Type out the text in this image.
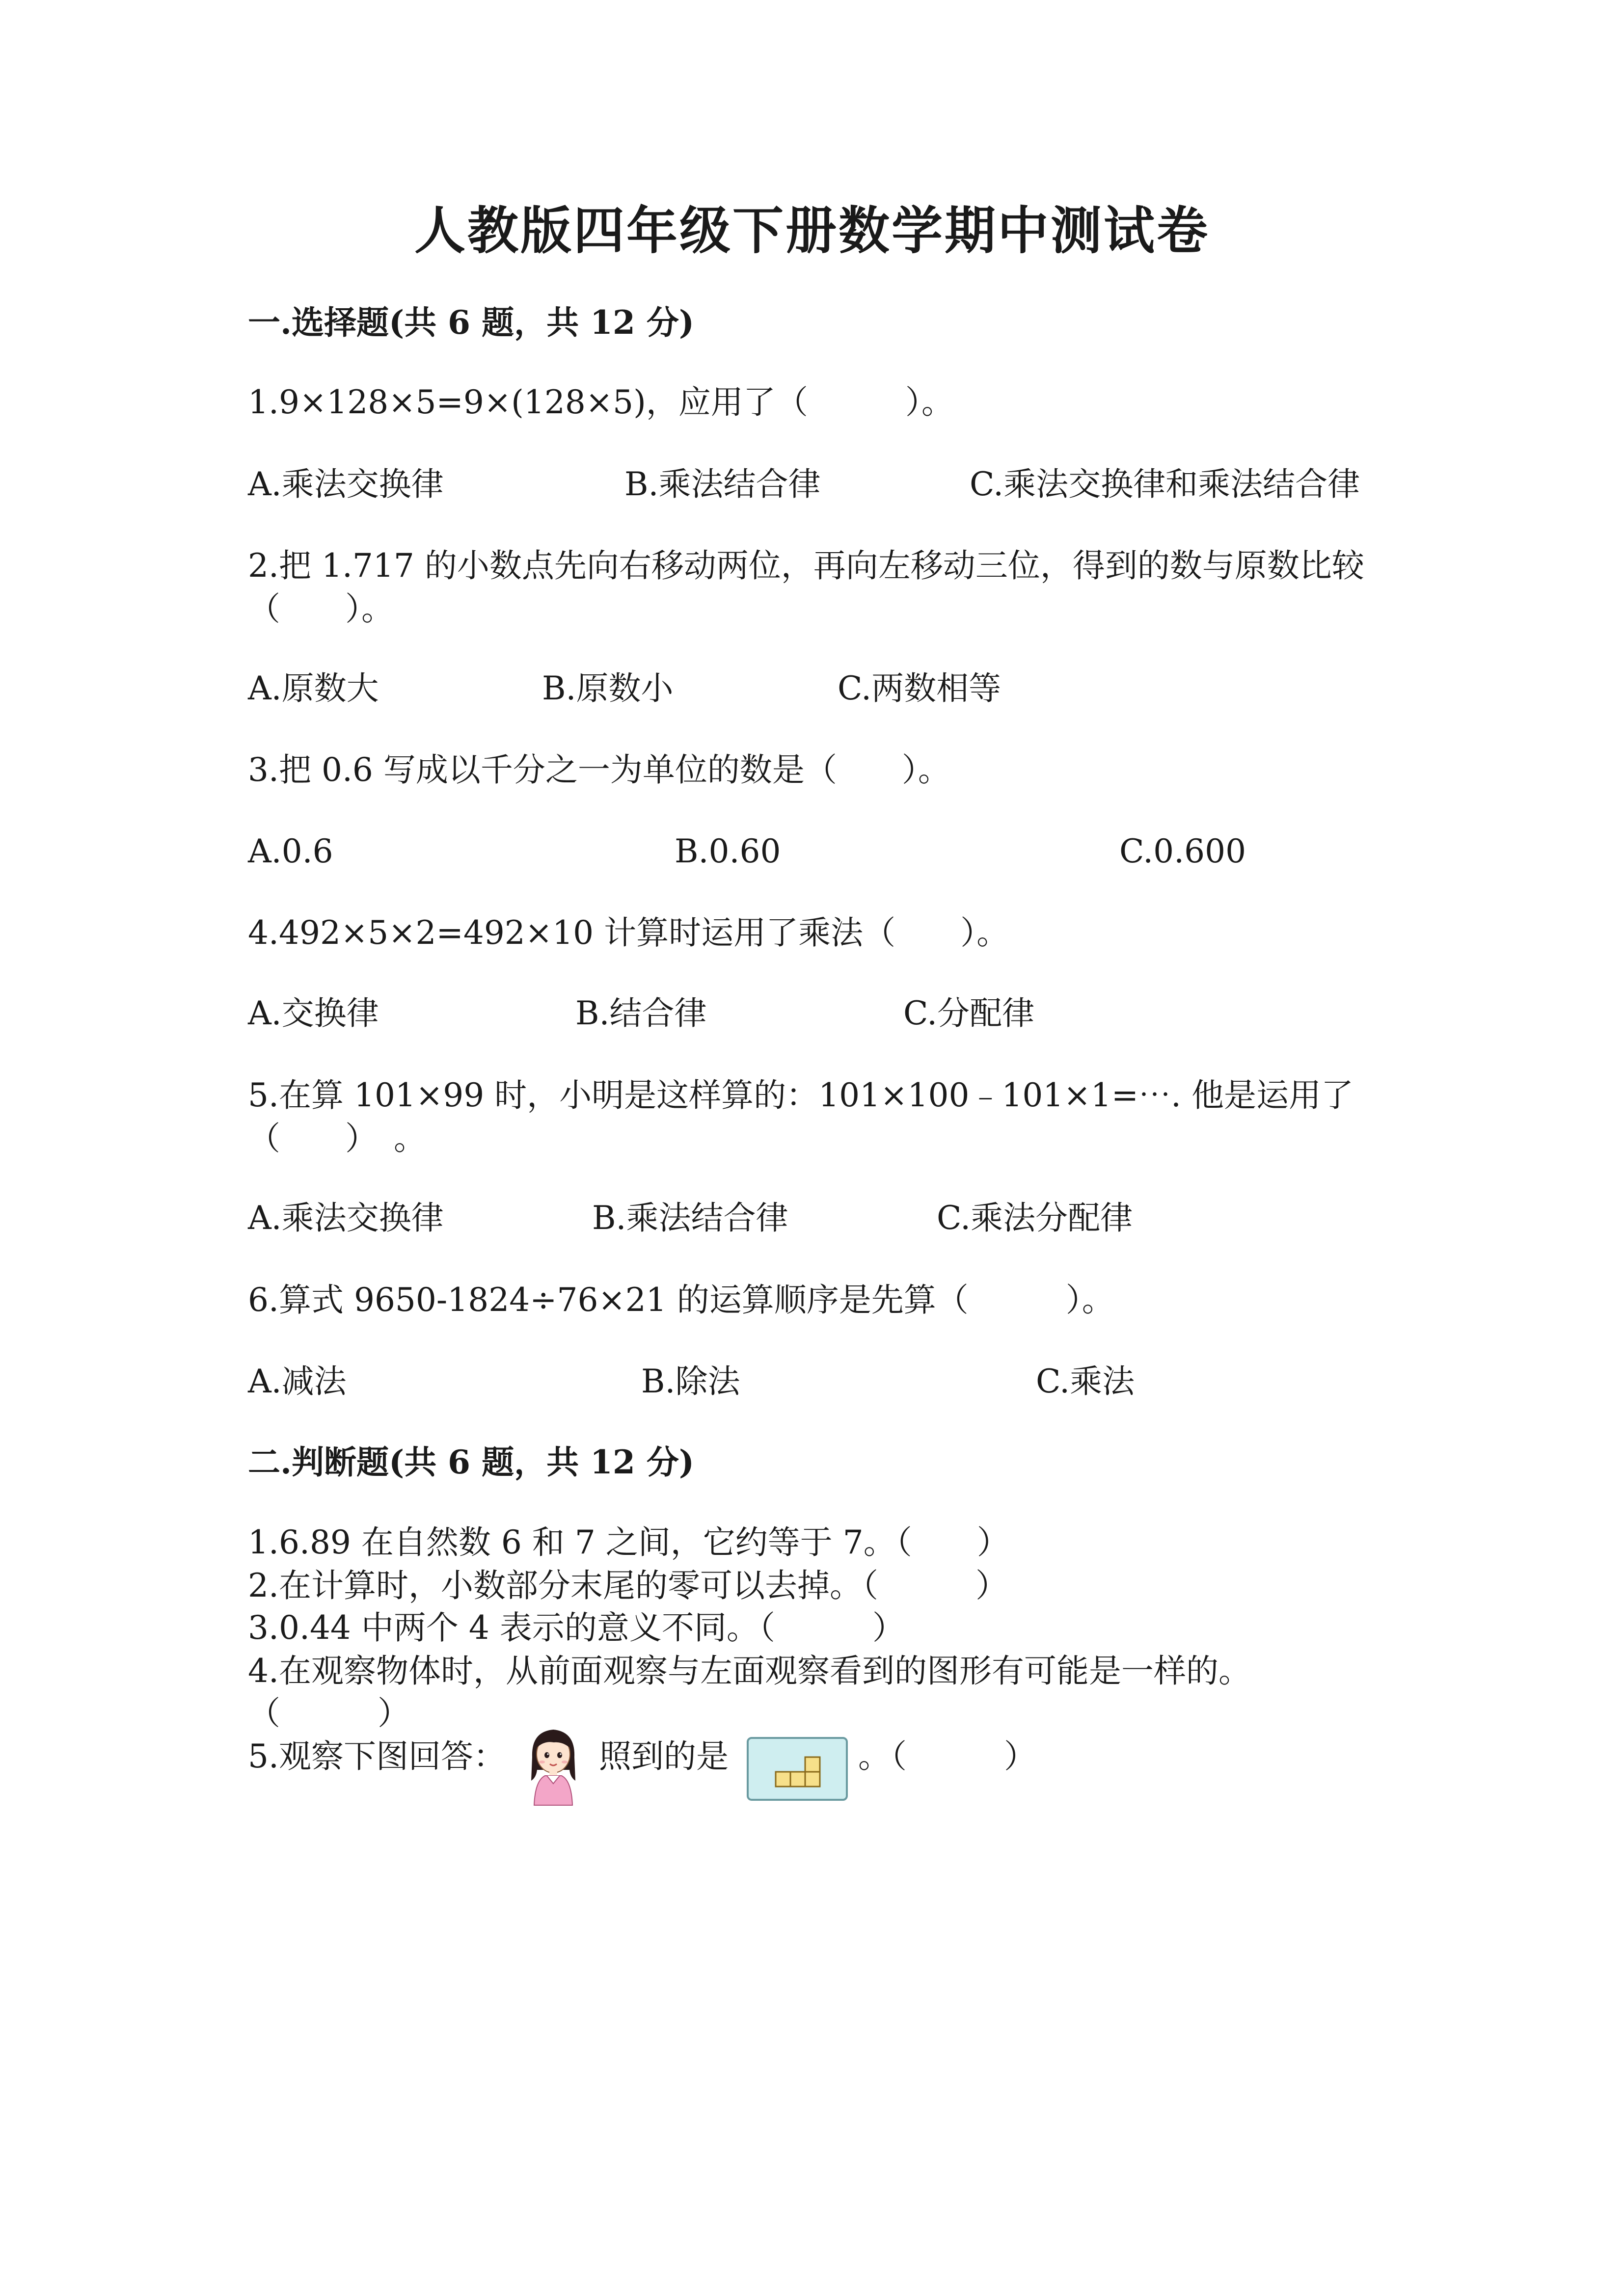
人教版四年级下册数学期中测试卷
一.选择题(共 6 题，共 12 分)
1.9×128×5=9×(128×5)，应用了（　　　）。
A.乘法交换律	B.乘法结合律	C.乘法交换律和乘法结合律
2.把 1.717 的小数点先向右移动两位，再向左移动三位，得到的数与原数比较
（　　）。
A.原数大	B.原数小	C.两数相等
3.把 0.6 写成以千分之一为单位的数是（　　）。
A.0.6	B.0.60	C.0.600
4.492×5×2=492×10 计算时运用了乘法（　　）。
A.交换律	B.结合律	C.分配律
5.在算 101×99 时，小明是这样算的：101×100﹣101×1=⋯. 他是运用了
（　　）　。
A.乘法交换律	B.乘法结合律	C.乘法分配律
6.算式 9650-1824÷76×21 的运算顺序是先算（　　　）。
A.减法	B.除法	C.乘法
二.判断题(共 6 题，共 12 分)
1.6.89 在自然数 6 和 7 之间，它约等于 7。（　　）
2.在计算时，小数部分末尾的零可以去掉。（　　　）
3.0.44 中两个 4 表示的意义不同。（　　　）
4.在观察物体时，从前面观察与左面观察看到的图形有可能是一样的。
（　　　）
5.观察下图回答：	照到的是	。（　　　）
